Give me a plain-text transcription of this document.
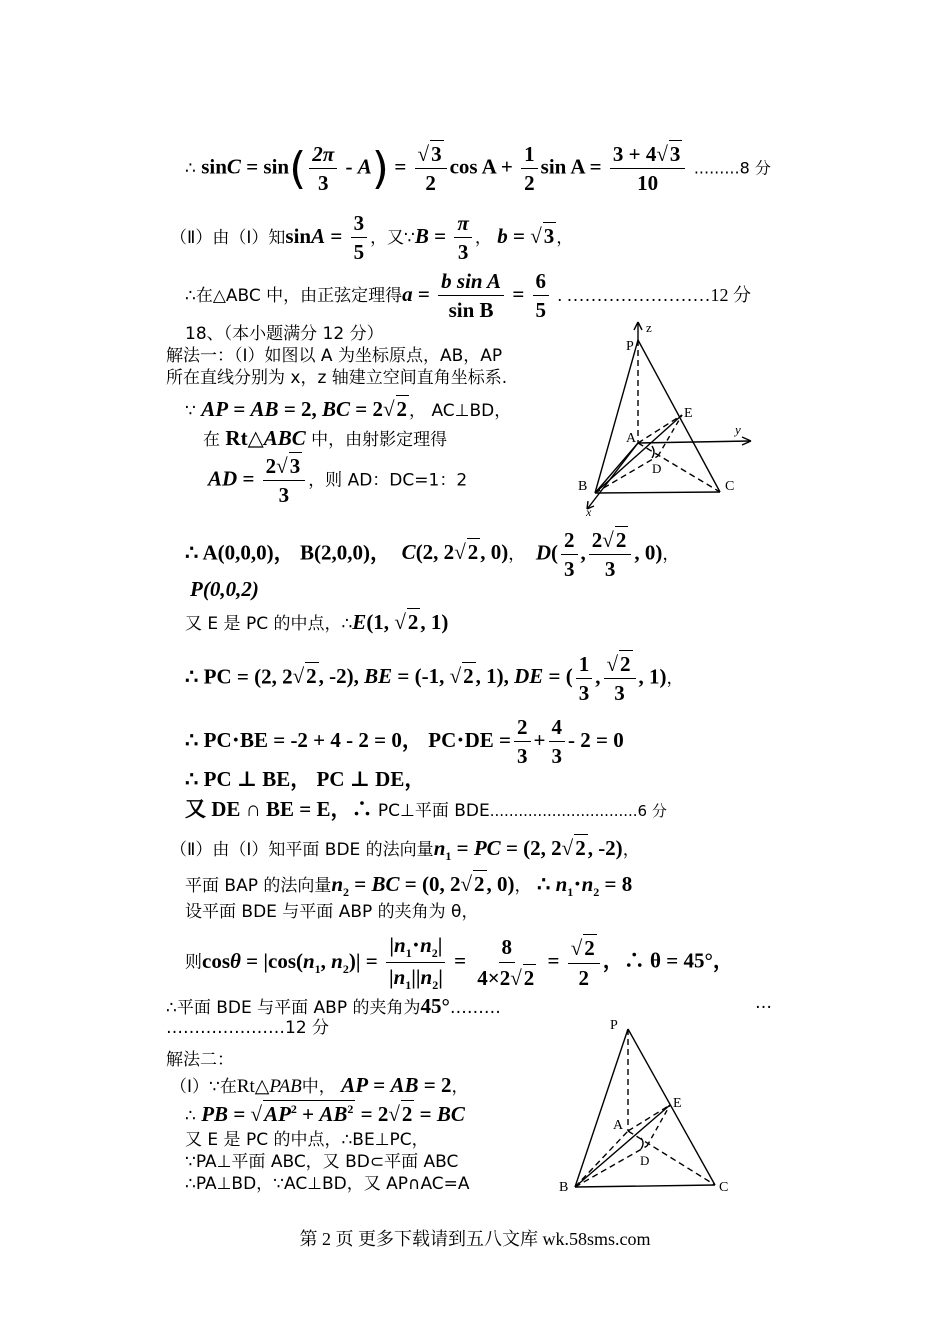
∴ $\sin C = \sin( \frac{2\pi}{3} - A)$ = √ $\frac{3}{2}$ $\cos A + \frac{1}{2}$ $\sin A = \frac{3 + 4 √ 3}{10} .........8$ 分
（Ⅱ）由（Ⅰ）知$\sin A = \frac{3}{5}$ ，又∵B = $\frac{\pi}{3}$ ， b = √ 3 ，
∴在△ABC 中，由正弦定理得$a = \frac{\text{b sin A}}{\text{sin B}} = \frac{6}{5}$ . ……………………12 分
18、（本小题满分 12 分）
解法一：（Ⅰ）如图以 A 为坐标原点，AB，AP
所在直线分别为 x，z 轴建立空间直角坐标系.
∵ AP = AB = 2, BC = 2 √ 2 ， AC⊥BD，
在 Rt△ABC 中，由射影定理得
AD = $\frac{2 √ 3}{3}$ ，则 AD：DC=1：2
P
z
E
A
y
D
B	C
x
∴ A(0,0,0)， B(2,0,0)， C(2, 2 √ 2, 0)，  $D( \frac{2}{3}$ , $\frac{2 √ 2}{3}$ , 0)，
P(0,0,2)
又 E 是 PC 的中点，∴E(1, √ 2, 1)
∴ PC = (2, 2 √ 2, -2), BE = (-1, √ 2, 1), DE = ( $\frac{1}{3}$ , √ $\frac{2}{3}$ , 1)，
∴ PC⋅BE = -2 + 4 - 2 = 0， $PC\cdot DE = \frac{2}{3} + \frac{4}{3} - 2 = 0$
∴ PC ⊥ BE， PC ⊥ DE，
又 DE ∩ BE = E，∴ PC⊥平面 BDE...............................6 分
（Ⅱ）由（Ⅰ）知平面 BDE 的法向量$n_1$ = PC = (2, 2 √ 2, -2)，
平面 BAP 的法向量$n_2$ = BC = (0, 2 √ 2, 0)， ∴ $n_1\cdot n_2 = 8$
设平面 BDE 与平面 ABP 的夹角为 θ，
则$\cos\theta = |\cos(n_1$, $n_2)| = \frac{|n_1\cdot n_2|}{|n_1||n_2|} = \frac{8}{4\times 2 √ 2}$ = √ $\frac{2}{2}$ ，∴ θ = 45°，
∴平面 BDE 与平面 ABP 的夹角为45°………	…
…………………12 分
解法二：
（Ⅰ）∵在Rt△PAB中， AP = AB = 2，
∴ PB = √ $AP^2 + AB^2 = 2$ √ 2 = BC
又 E 是 PC 的中点，∴BE⊥PC，
∵PA⊥平面 ABC，又 BD⊂平面 ABC
∴PA⊥BD，∵AC⊥BD，又 AP∩AC=A
P
E
A
D
B	C
第 2 页 更多下载请到五八文库 wk.58sms.com
